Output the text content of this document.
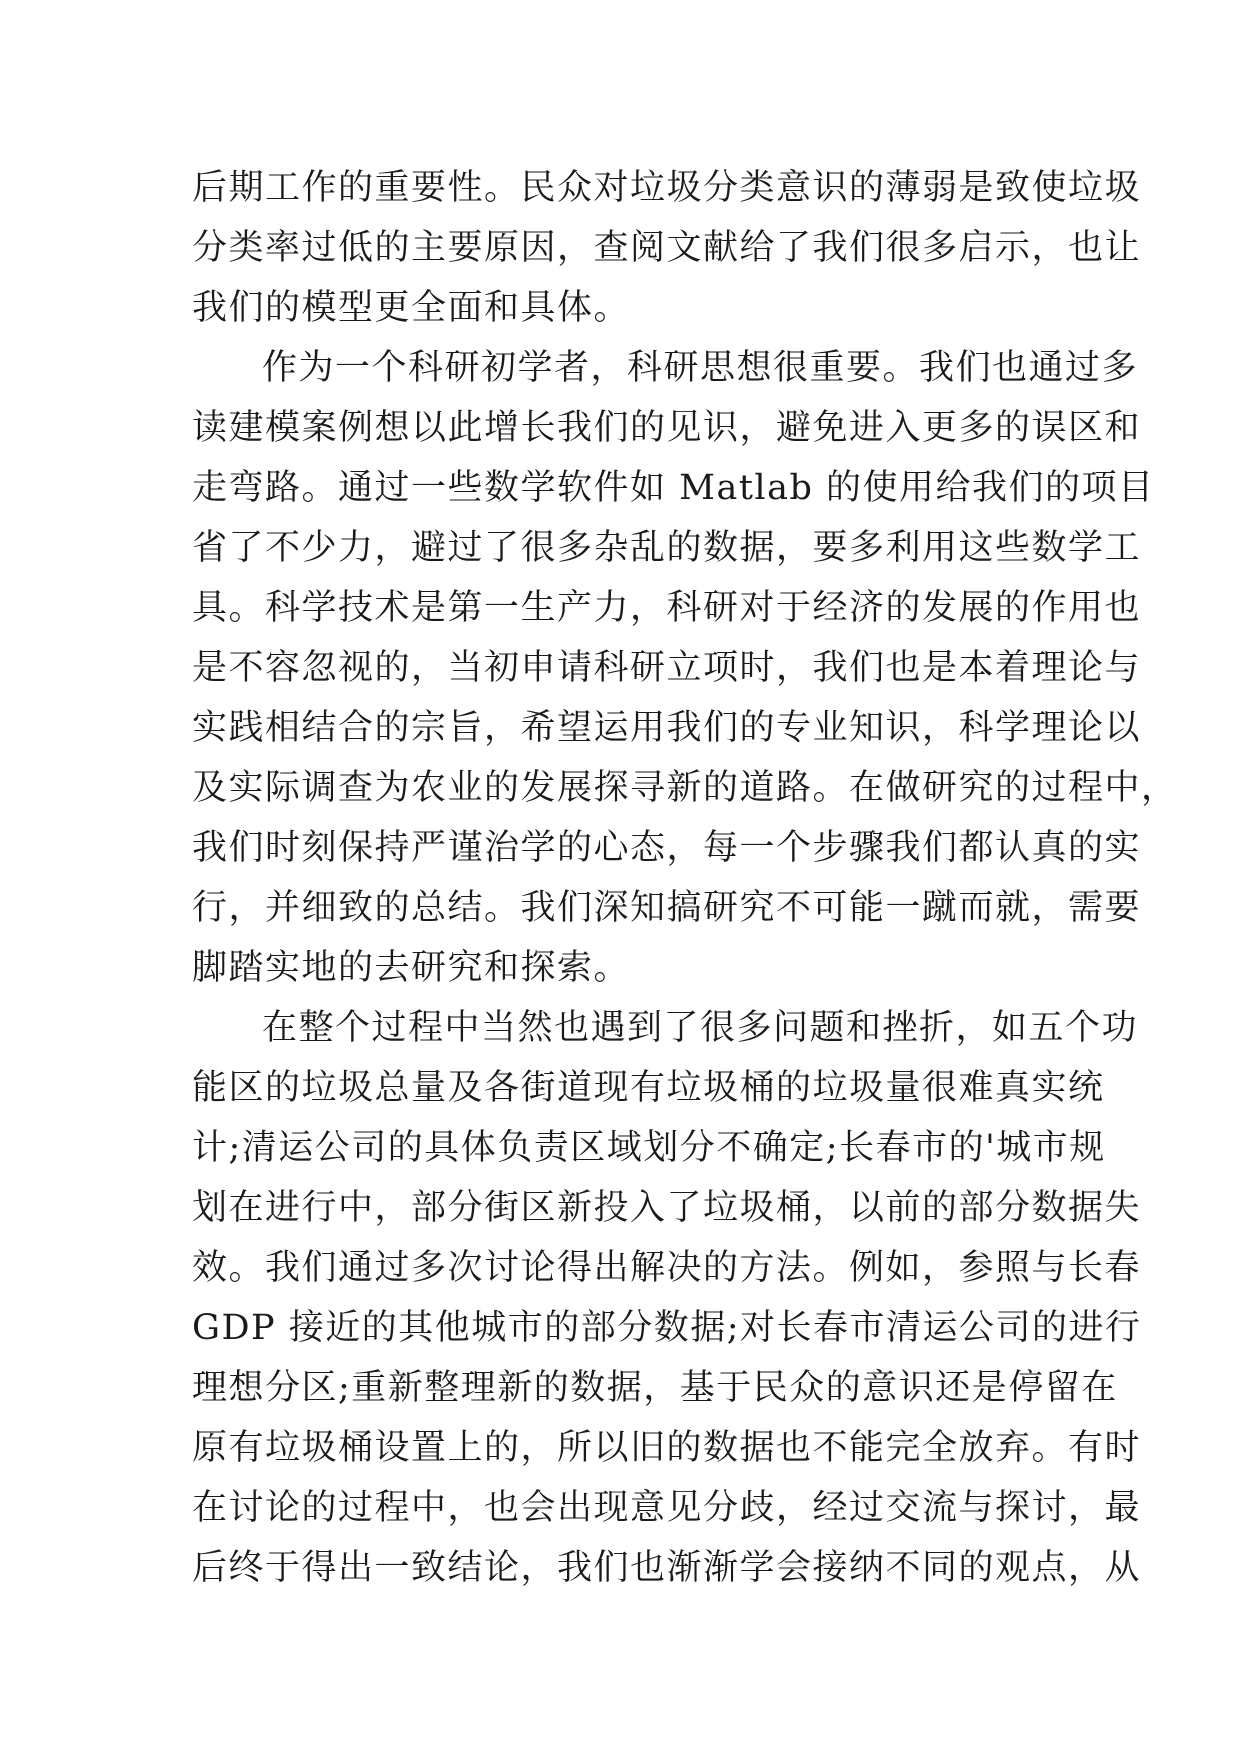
后期工作的重要性。民众对垃圾分类意识的薄弱是致使垃圾
分类率过低的主要原因，查阅文献给了我们很多启示，也让
我们的模型更全面和具体。
作为一个科研初学者，科研思想很重要。我们也通过多
读建模案例想以此增长我们的见识，避免进入更多的误区和
走弯路。通过一些数学软件如 Matlab 的使用给我们的项目
省了不少力，避过了很多杂乱的数据，要多利用这些数学工
具。科学技术是第一生产力，科研对于经济的发展的作用也
是不容忽视的，当初申请科研立项时，我们也是本着理论与
实践相结合的宗旨，希望运用我们的专业知识，科学理论以
及实际调查为农业的发展探寻新的道路。在做研究的过程中，
我们时刻保持严谨治学的心态，每一个步骤我们都认真的实
行，并细致的总结。我们深知搞研究不可能一蹴而就，需要
脚踏实地的去研究和探索。
在整个过程中当然也遇到了很多问题和挫折，如五个功
能区的垃圾总量及各街道现有垃圾桶的垃圾量很难真实统
计;清运公司的具体负责区域划分不确定;长春市的'城市规
划在进行中，部分街区新投入了垃圾桶，以前的部分数据失
效。我们通过多次讨论得出解决的方法。例如，参照与长春
GDP 接近的其他城市的部分数据;对长春市清运公司的进行
理想分区;重新整理新的数据，基于民众的意识还是停留在
原有垃圾桶设置上的，所以旧的数据也不能完全放弃。有时
在讨论的过程中，也会出现意见分歧，经过交流与探讨，最
后终于得出一致结论，我们也渐渐学会接纳不同的观点，从
